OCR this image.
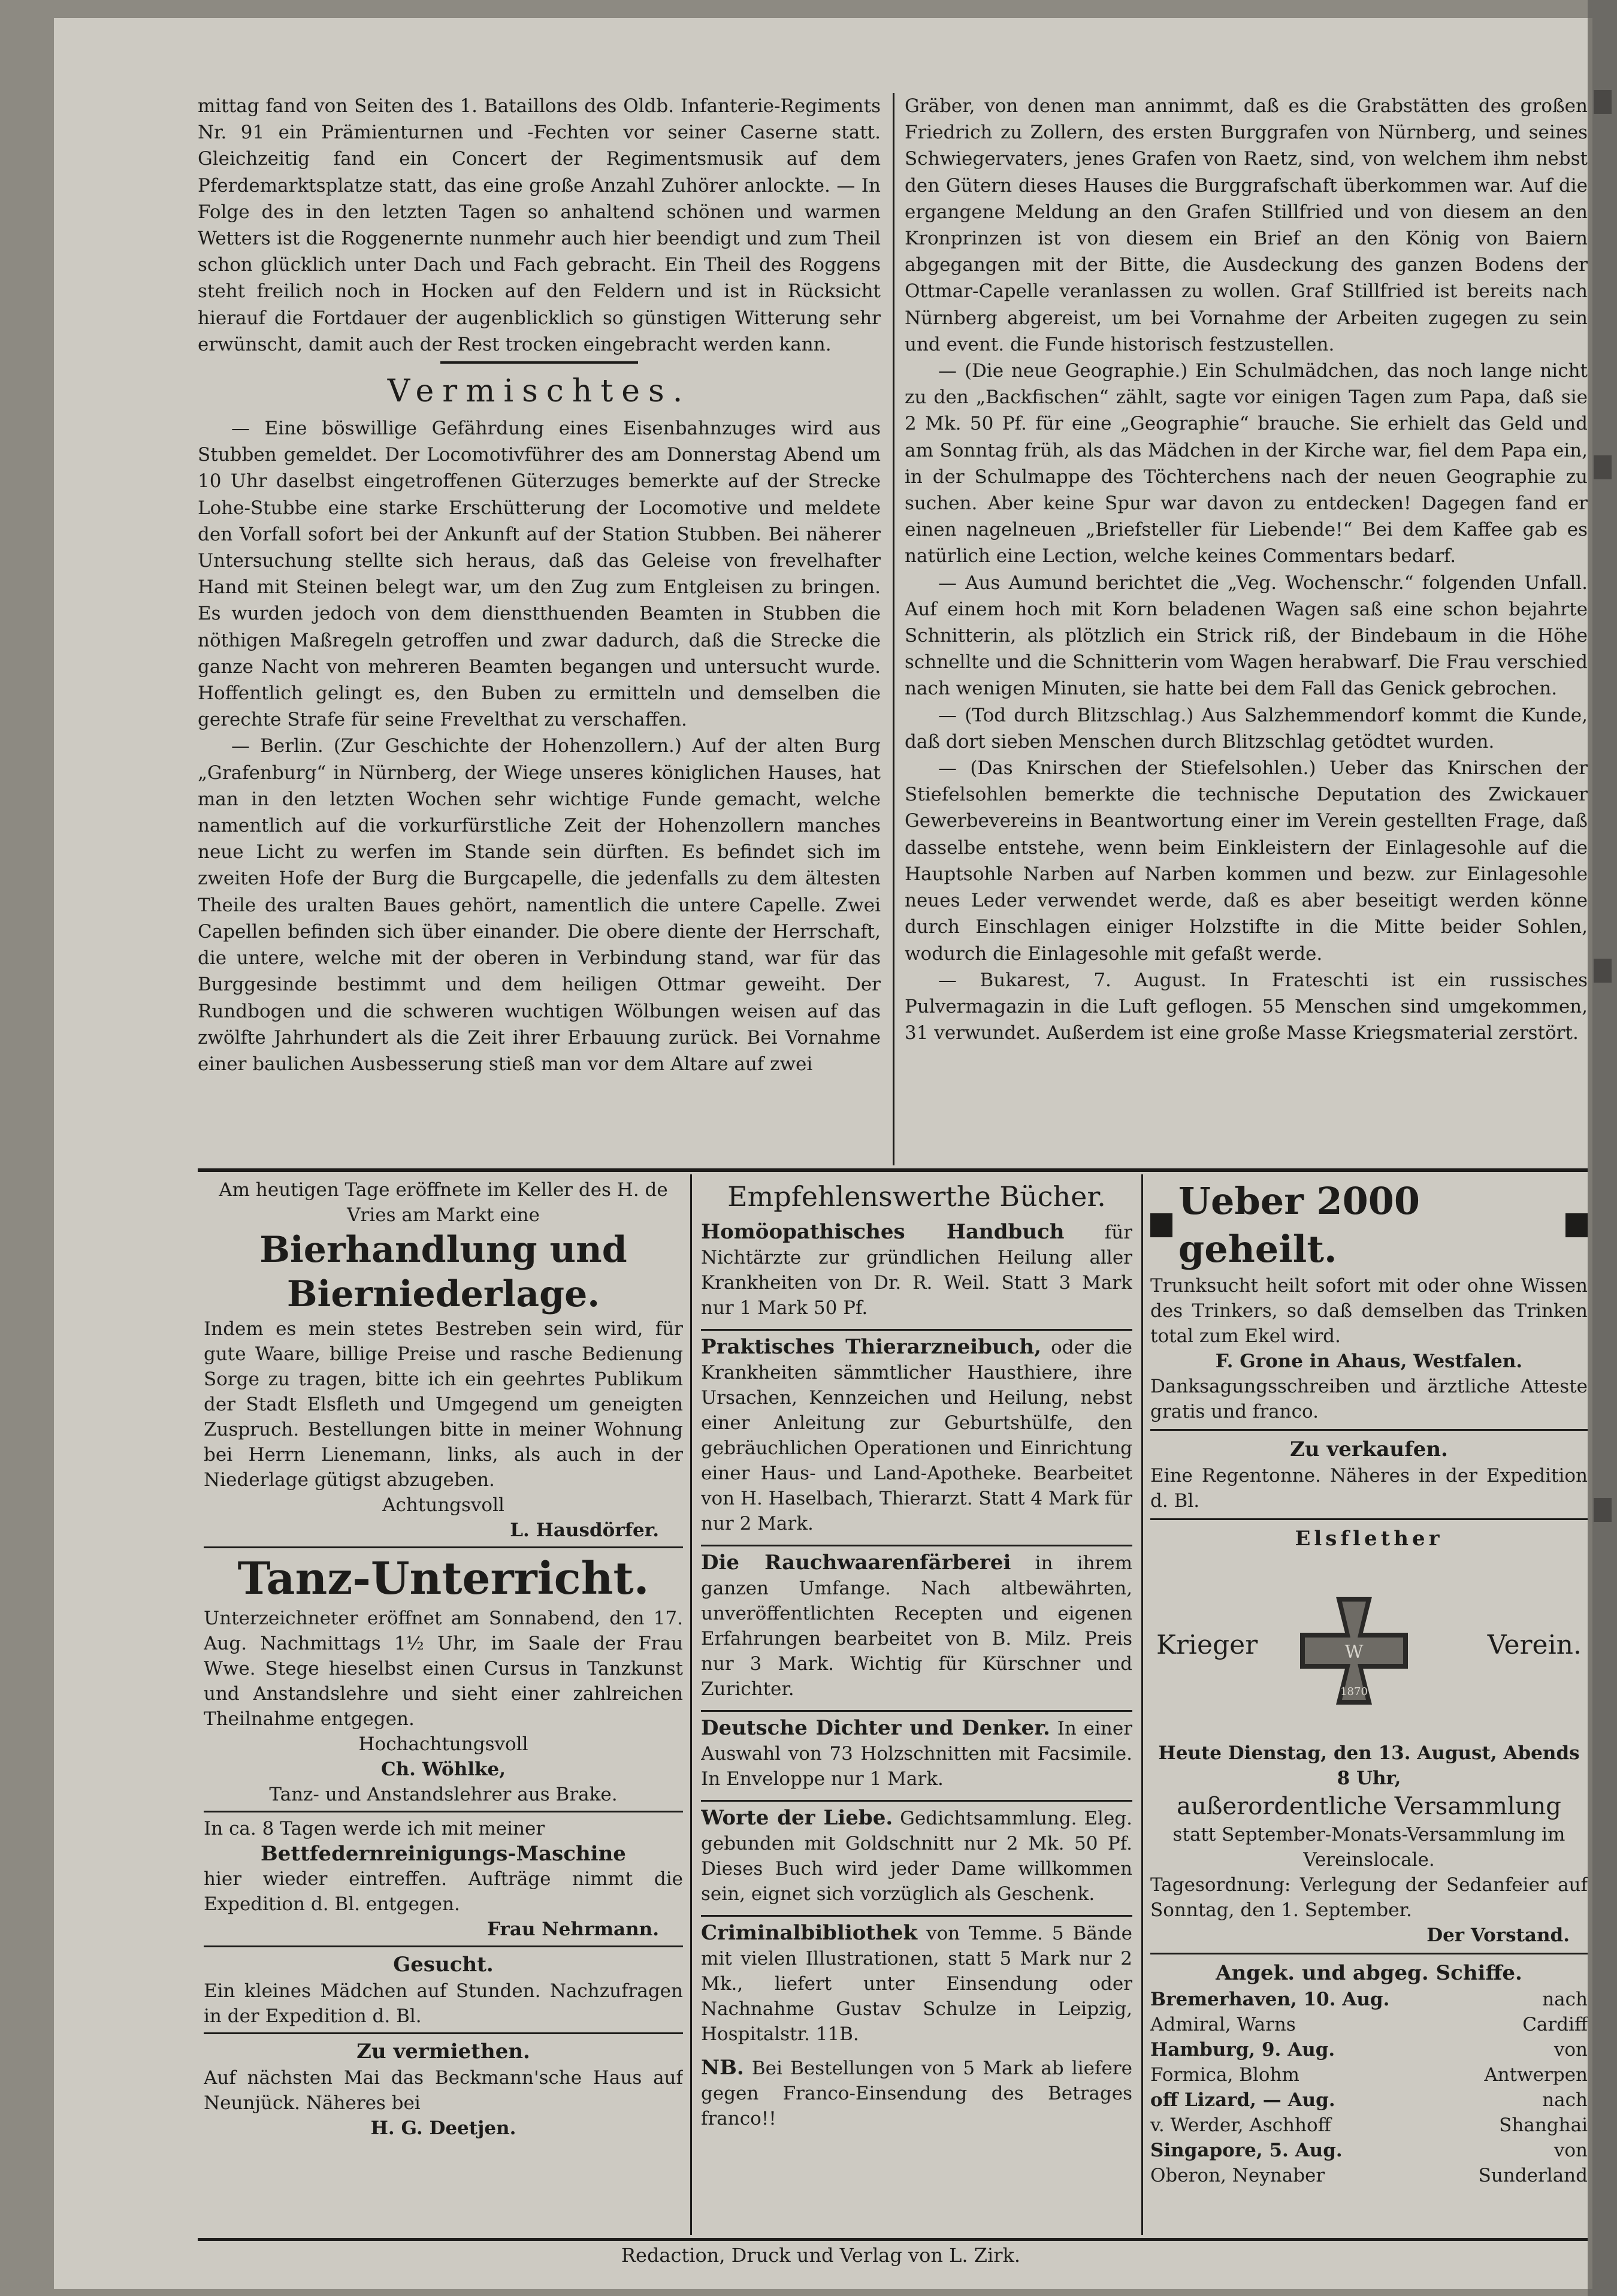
mittag fand von Seiten des 1. Bataillons des Oldb. Infanterie-Regiments Nr. 91 ein Prämienturnen und -Fechten vor seiner Caserne statt. Gleichzeitig fand ein Concert der Regimentsmusik auf dem Pferdemarktsplatze statt, das eine große Anzahl Zuhörer anlockte. — In Folge des in den letzten Tagen so anhaltend schönen und warmen Wetters ist die Roggenernte nunmehr auch hier beendigt und zum Theil schon glücklich unter Dach und Fach gebracht. Ein Theil des Roggens steht freilich noch in Hocken auf den Feldern und ist in Rücksicht hierauf die Fortdauer der augenblicklich so günstigen Witterung sehr erwünscht, damit auch der Rest trocken eingebracht werden kann.

Vermischtes.

— Eine böswillige Gefährdung eines Eisenbahnzuges wird aus Stubben gemeldet. Der Locomotivführer des am Donnerstag Abend um 10 Uhr daselbst eingetroffenen Güterzuges bemerkte auf der Strecke Lohe-Stubbe eine starke Erschütterung der Locomotive und meldete den Vorfall sofort bei der Ankunft auf der Station Stubben. Bei näherer Untersuchung stellte sich heraus, daß das Geleise von frevelhafter Hand mit Steinen belegt war, um den Zug zum Entgleisen zu bringen. Es wurden jedoch von dem dienstthuenden Beamten in Stubben die nöthigen Maßregeln getroffen und zwar dadurch, daß die Strecke die ganze Nacht von mehreren Beamten begangen und untersucht wurde. Hoffentlich gelingt es, den Buben zu ermitteln und demselben die gerechte Strafe für seine Frevelthat zu verschaffen.

— Berlin. (Zur Geschichte der Hohenzollern.) Auf der alten Burg „Grafenburg“ in Nürnberg, der Wiege unseres königlichen Hauses, hat man in den letzten Wochen sehr wichtige Funde gemacht, welche namentlich auf die vorkurfürstliche Zeit der Hohenzollern manches neue Licht zu werfen im Stande sein dürften. Es befindet sich im zweiten Hofe der Burg die Burgcapelle, die jedenfalls zu dem ältesten Theile des uralten Baues gehört, namentlich die untere Capelle. Zwei Capellen befinden sich über einander. Die obere diente der Herrschaft, die untere, welche mit der oberen in Verbindung stand, war für das Burggesinde bestimmt und dem heiligen Ottmar geweiht. Der Rundbogen und die schweren wuchtigen Wölbungen weisen auf das zwölfte Jahrhundert als die Zeit ihrer Erbauung zurück. Bei Vornahme einer baulichen Ausbesserung stieß man vor dem Altare auf zwei

Gräber, von denen man annimmt, daß es die Grabstätten des großen Friedrich zu Zollern, des ersten Burggrafen von Nürnberg, und seines Schwiegervaters, jenes Grafen von Raetz, sind, von welchem ihm nebst den Gütern dieses Hauses die Burggrafschaft überkommen war. Auf die ergangene Meldung an den Grafen Stillfried und von diesem an den Kronprinzen ist von diesem ein Brief an den König von Baiern abgegangen mit der Bitte, die Ausdeckung des ganzen Bodens der Ottmar-Capelle veranlassen zu wollen. Graf Stillfried ist bereits nach Nürnberg abgereist, um bei Vornahme der Arbeiten zugegen zu sein und event. die Funde historisch festzustellen.

— (Die neue Geographie.) Ein Schulmädchen, das noch lange nicht zu den „Backfischen“ zählt, sagte vor einigen Tagen zum Papa, daß sie 2 Mk. 50 Pf. für eine „Geographie“ brauche. Sie erhielt das Geld und am Sonntag früh, als das Mädchen in der Kirche war, fiel dem Papa ein, in der Schulmappe des Töchterchens nach der neuen Geographie zu suchen. Aber keine Spur war davon zu entdecken! Dagegen fand er einen nagelneuen „Briefsteller für Liebende!“ Bei dem Kaffee gab es natürlich eine Lection, welche keines Commentars bedarf.

— Aus Aumund berichtet die „Veg. Wochenschr.“ folgenden Unfall. Auf einem hoch mit Korn beladenen Wagen saß eine schon bejahrte Schnitterin, als plötzlich ein Strick riß, der Bindebaum in die Höhe schnellte und die Schnitterin vom Wagen herabwarf. Die Frau verschied nach wenigen Minuten, sie hatte bei dem Fall das Genick gebrochen.

— (Tod durch Blitzschlag.) Aus Salzhemmendorf kommt die Kunde, daß dort sieben Menschen durch Blitzschlag getödtet wurden.

— (Das Knirschen der Stiefelsohlen.) Ueber das Knirschen der Stiefelsohlen bemerkte die technische Deputation des Zwickauer Gewerbevereins in Beantwortung einer im Verein gestellten Frage, daß dasselbe entstehe, wenn beim Einkleistern der Einlagesohle auf die Hauptsohle Narben auf Narben kommen und bezw. zur Einlagesohle neues Leder verwendet werde, daß es aber beseitigt werden könne durch Einschlagen einiger Holzstifte in die Mitte beider Sohlen, wodurch die Einlagesohle mit gefaßt werde.

— Bukarest, 7. August. In Frateschti ist ein russisches Pulvermagazin in die Luft geflogen. 55 Menschen sind umgekommen, 31 verwundet. Außerdem ist eine große Masse Kriegsmaterial zerstört.

Am heutigen Tage eröffnete im Keller des H. de Vries am Markt eine

Bierhandlung und
Bierniederlage.

Indem es mein stetes Bestreben sein wird, für gute Waare, billige Preise und rasche Bedienung Sorge zu tragen, bitte ich ein geehrtes Publikum der Stadt Elsfleth und Umgegend um geneigten Zuspruch. Bestellungen bitte in meiner Wohnung bei Herrn Lienemann, links, als auch in der Niederlage gütigst abzugeben.

Achtungsvoll

L. Hausdörfer.

Tanz-Unterricht.

Unterzeichneter eröffnet am Sonnabend, den 17. Aug. Nachmittags 1½ Uhr, im Saale der Frau Wwe. Stege hieselbst einen Cursus in Tanzkunst und Anstandslehre und sieht einer zahlreichen Theilnahme entgegen.

Hochachtungsvoll

Ch. Wöhlke,

Tanz- und Anstandslehrer aus Brake.

In ca. 8 Tagen werde ich mit meiner

Bettfedernreinigungs-Maschine

hier wieder eintreffen. Aufträge nimmt die Expedition d. Bl. entgegen.

Frau Nehrmann.

Gesucht.

Ein kleines Mädchen auf Stunden. Nachzufragen in der Expedition d. Bl.

Zu vermiethen.

Auf nächsten Mai das Beckmann'sche Haus auf Neunjück. Näheres bei

H. G. Deetjen.

Empfehlenswerthe Bücher.

Homöopathisches Handbuch für Nichtärzte zur gründlichen Heilung aller Krankheiten von Dr. R. Weil. Statt 3 Mark nur 1 Mark 50 Pf.

Praktisches Thierarzneibuch, oder die Krankheiten sämmtlicher Hausthiere, ihre Ursachen, Kennzeichen und Heilung, nebst einer Anleitung zur Geburtshülfe, den gebräuchlichen Operationen und Einrichtung einer Haus- und Land-Apotheke. Bearbeitet von H. Haselbach, Thierarzt. Statt 4 Mark für nur 2 Mark.

Die Rauchwaarenfärberei in ihrem ganzen Umfange. Nach altbewährten, unveröffentlichten Recepten und eigenen Erfahrungen bearbeitet von B. Milz. Preis nur 3 Mark. Wichtig für Kürschner und Zurichter.

Deutsche Dichter und Denker. In einer Auswahl von 73 Holzschnitten mit Facsimile. In Enveloppe nur 1 Mark.

Worte der Liebe. Gedichtsammlung. Eleg. gebunden mit Goldschnitt nur 2 Mk. 50 Pf. Dieses Buch wird jeder Dame willkommen sein, eignet sich vorzüglich als Geschenk.

Criminalbibliothek von Temme. 5 Bände mit vielen Illustrationen, statt 5 Mark nur 2 Mk., liefert unter Einsendung oder Nachnahme Gustav Schulze in Leipzig, Hospitalstr. 11B.

NB. Bei Bestellungen von 5 Mark ab liefere gegen Franco-Einsendung des Betrages franco!!

Ueber 2000 geheilt.

Trunksucht heilt sofort mit oder ohne Wissen des Trinkers, so daß demselben das Trinken total zum Ekel wird.

F. Grone in Ahaus, Westfalen.

Danksagungsschreiben und ärztliche Atteste gratis und franco.

Zu verkaufen.

Eine Regentonne. Näheres in der Expedition d. Bl.

Elsflether
Krieger	Verein.
W
1870

Heute Dienstag, den 13. August, Abends 8 Uhr,

außerordentliche Versammlung

statt September-Monats-Versammlung im Vereinslocale.

Tagesordnung: Verlegung der Sedanfeier auf Sonntag, den 1. September.

Der Vorstand.

Angek. und abgeg. Schiffe.
Bremerhaven, 10. Aug.	nach
Admiral, Warns	Cardiff
Hamburg, 9. Aug.	von
Formica, Blohm	Antwerpen
off Lizard, — Aug.	nach
v. Werder, Aschhoff	Shanghai
Singapore, 5. Aug.	von
Oberon, Neynaber	Sunderland
Redaction, Druck und Verlag von L. Zirk.
